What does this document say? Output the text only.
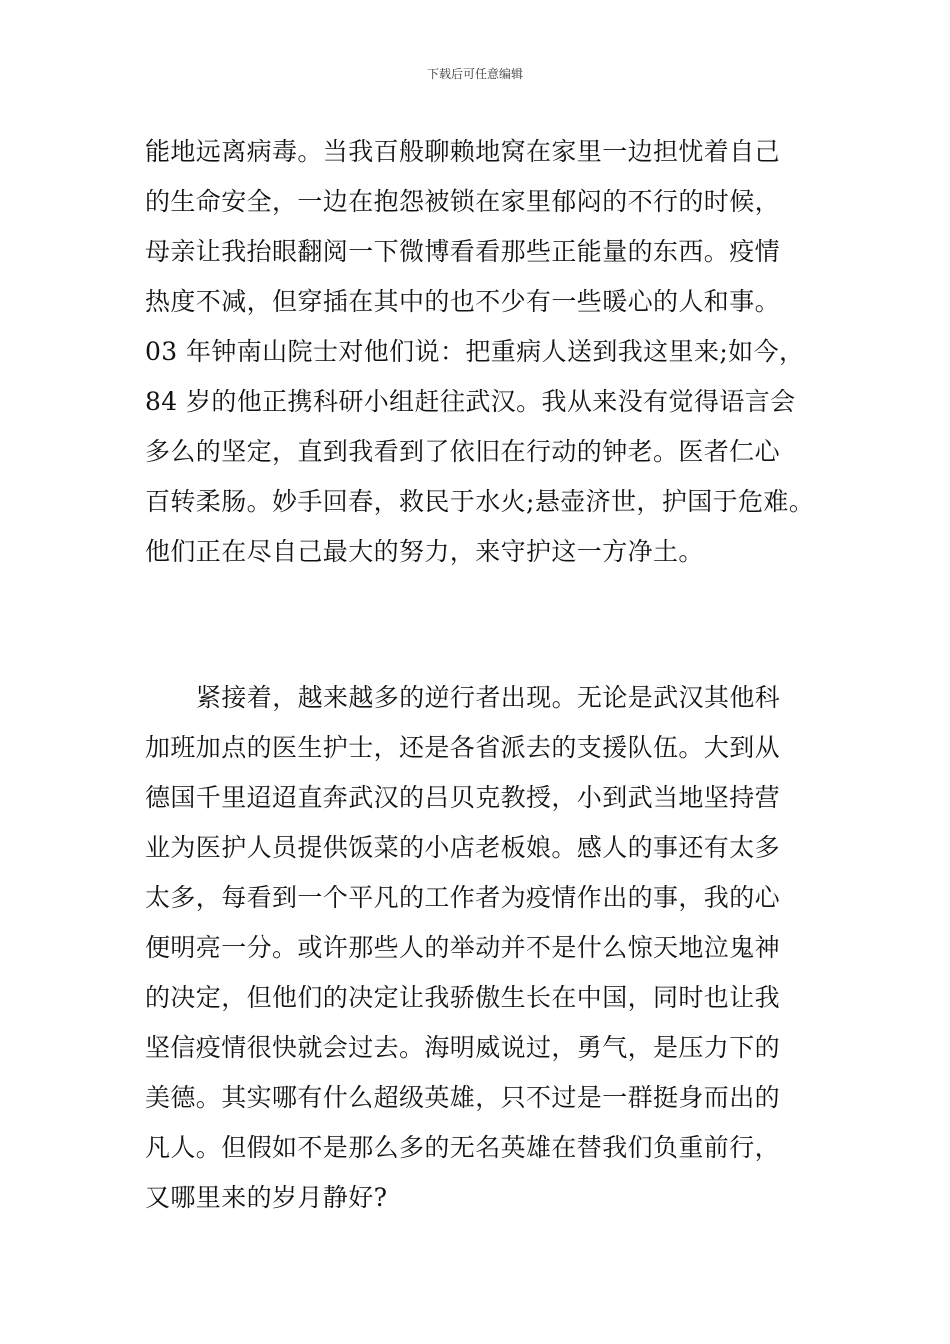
下载后可任意编辑
能地远离病毒。当我百般聊赖地窝在家里一边担忧着自己
的生命安全，一边在抱怨被锁在家里郁闷的不行的时候，
母亲让我抬眼翻阅一下微博看看那些正能量的东西。疫情
热度不减，但穿插在其中的也不少有一些暖心的人和事。
03 年钟南山院士对他们说：把重病人送到我这里来;如今，
84 岁的他正携科研小组赶往武汉。我从来没有觉得语言会
多么的坚定，直到我看到了依旧在行动的钟老。医者仁心
百转柔肠。妙手回春，救民于水火;悬壶济世，护国于危难。
他们正在尽自己最大的努力，来守护这一方净土。
紧接着，越来越多的逆行者出现。无论是武汉其他科
加班加点的医生护士，还是各省派去的支援队伍。大到从
德国千里迢迢直奔武汉的吕贝克教授，小到武当地坚持营
业为医护人员提供饭菜的小店老板娘。感人的事还有太多
太多，每看到一个平凡的工作者为疫情作出的事，我的心
便明亮一分。或许那些人的举动并不是什么惊天地泣鬼神
的决定，但他们的决定让我骄傲生长在中国，同时也让我
坚信疫情很快就会过去。海明威说过，勇气，是压力下的
美德。其实哪有什么超级英雄，只不过是一群挺身而出的
凡人。但假如不是那么多的无名英雄在替我们负重前行，
又哪里来的岁月静好?
